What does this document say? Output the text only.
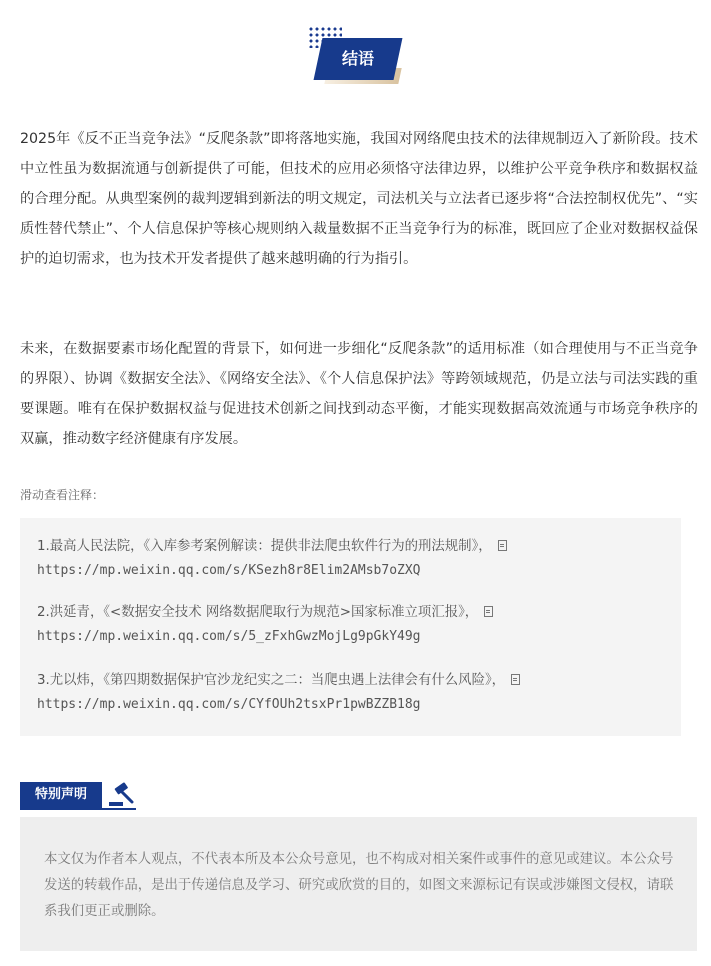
结语

2025年《反不正当竞争法》“反爬条款”即将落地实施，我国对网络爬虫技术的法律规制迈入了新阶段。技术中立性虽为数据流通与创新提供了可能，但技术的应用必须恪守法律边界，以维护公平竞争秩序和数据权益的合理分配。从典型案例的裁判逻辑到新法的明文规定，司法机关与立法者已逐步将“合法控制权优先”、“实质性替代禁止”、个人信息保护等核心规则纳入裁量数据不正当竞争行为的标准，既回应了企业对数据权益保护的迫切需求，也为技术开发者提供了越来越明确的行为指引。

未来，在数据要素市场化配置的背景下，如何进一步细化“反爬条款”的适用标准（如合理使用与不正当竞争的界限）、协调《数据安全法》、《网络安全法》、《个人信息保护法》等跨领域规范，仍是立法与司法实践的重要课题。唯有在保护数据权益与促进技术创新之间找到动态平衡，才能实现数据高效流通与市场竞争秩序的双赢，推动数字经济健康有序发展。

滑动查看注释：
1.最高人民法院，《入库参考案例解读：提供非法爬虫软件行为的刑法规制》，
https://mp.weixin.qq.com/s/KSezh8r8Elim2AMsb7oZXQ
2.洪延青，《<数据安全技术 网络数据爬取行为规范>国家标准立项汇报》，
https://mp.weixin.qq.com/s/5_zFxhGwzMojLg9pGkY49g
3.尤以炜，《第四期数据保护官沙龙纪实之二：当爬虫遇上法律会有什么风险》，
https://mp.weixin.qq.com/s/CYfOUh2tsxPr1pwBZZB18g
特别声明

本文仅为作者本人观点，不代表本所及本公众号意见，也不构成对相关案件或事件的意见或建议。本公众号发送的转载作品，是出于传递信息及学习、研究或欣赏的目的，如图文来源标记有误或涉嫌图文侵权，请联系我们更正或删除。
